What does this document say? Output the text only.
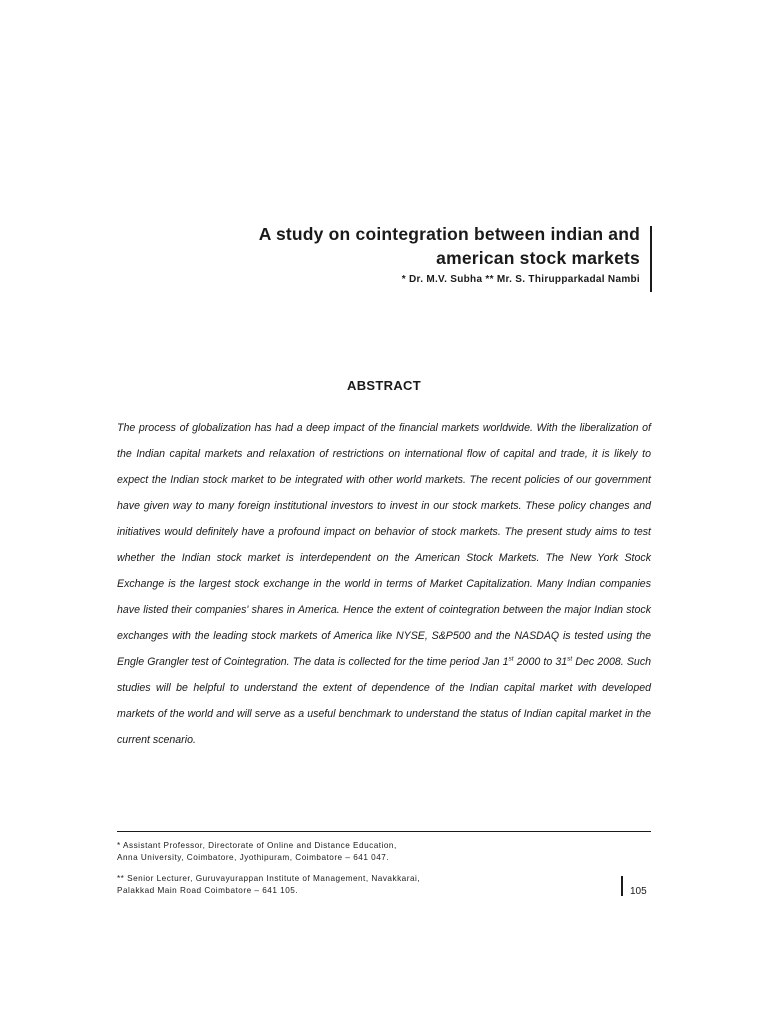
A study on cointegration between indian and
american stock markets
* Dr. M.V. Subha ** Mr. S. Thirupparkadal Nambi
ABSTRACT

The process of globalization has had a deep impact of the financial markets worldwide. With the liberalization of the Indian capital markets and relaxation of restrictions on international flow of capital and trade, it is likely to expect the Indian stock market to be integrated with other world markets. The recent policies of our government have given way to many foreign institutional investors to invest in our stock markets. These policy changes and initiatives would definitely have a profound impact on behavior of stock markets. The present study aims to test whether the Indian stock market is interdependent on the American Stock Markets. The New York Stock Exchange is the largest stock exchange in the world in terms of Market Capitalization. Many Indian companies have listed their companies' shares in America. Hence the extent of cointegration between the major Indian stock exchanges with the leading stock markets of America like NYSE, S&P500 and the NASDAQ is tested using the Engle Grangler test of Cointegration. The data is collected for the time period Jan 1st 2000 to 31st Dec 2008. Such studies will be helpful to understand the extent of dependence of the Indian capital market with developed markets of the world and will serve as a useful benchmark to understand the status of Indian capital market in the current scenario.

* Assistant Professor, Directorate of Online and Distance Education,
Anna University, Coimbatore, Jyothipuram, Coimbatore – 641 047.
** Senior Lecturer, Guruvayurappan Institute of Management, Navakkarai,
Palakkad Main Road Coimbatore – 641 105.	105
